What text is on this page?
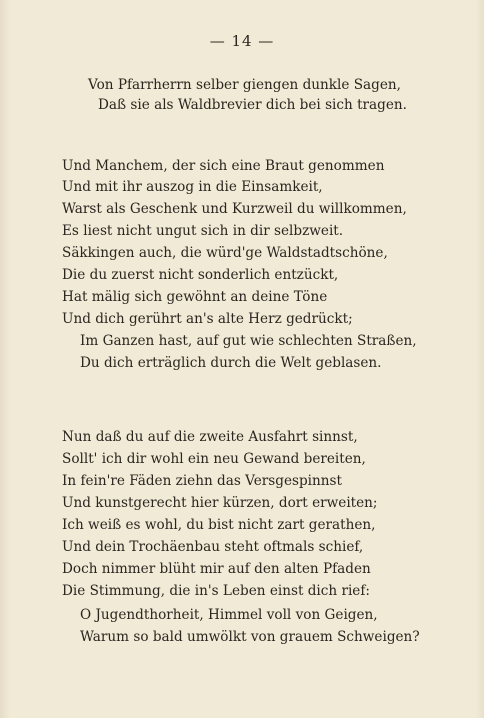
— 14 —
Von Pfarrherrn selber giengen dunkle Sagen,
Daß sie als Waldbrevier dich bei sich tragen.
Und Manchem, der sich eine Braut genommen
Und mit ihr auszog in die Einsamkeit,
Warst als Geschenk und Kurzweil du willkommen,
Es liest nicht ungut sich in dir selbzweit.
Säkkingen auch, die würd'ge Waldstadtschöne,
Die du zuerst nicht sonderlich entzückt,
Hat mälig sich gewöhnt an deine Töne
Und dich gerührt an's alte Herz gedrückt;
Im Ganzen hast, auf gut wie schlechten Straßen,
Du dich erträglich durch die Welt geblasen.
Nun daß du auf die zweite Ausfahrt sinnst,
Sollt' ich dir wohl ein neu Gewand bereiten,
In fein're Fäden ziehn das Versgespinnst
Und kunstgerecht hier kürzen, dort erweiten;
Ich weiß es wohl, du bist nicht zart gerathen,
Und dein Trochäenbau steht oftmals schief,
Doch nimmer blüht mir auf den alten Pfaden
Die Stimmung, die in's Leben einst dich rief:
O Jugendthorheit, Himmel voll von Geigen,
Warum so bald umwölkt von grauem Schweigen?
